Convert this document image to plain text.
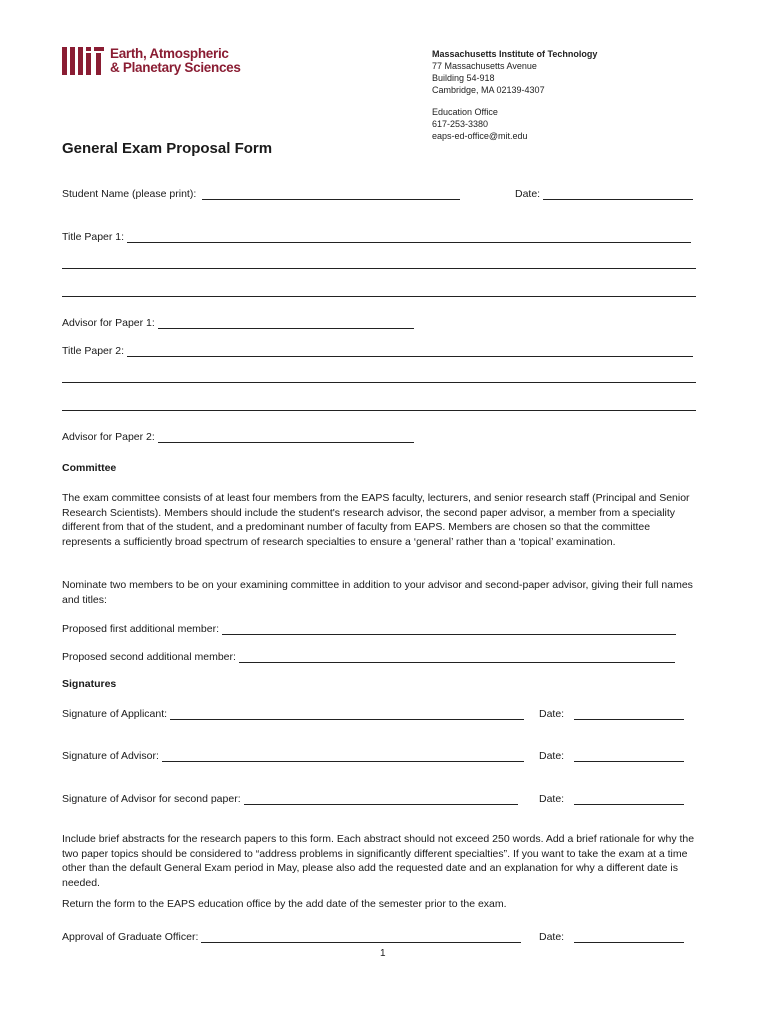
Earth, Atmospheric
& Planetary Sciences
Massachusetts Institute of Technology
77 Massachusetts Avenue
Building 54-918
Cambridge, MA 02139-4307
Education Office
617-253-3380
eaps-ed-office@mit.edu
General Exam Proposal Form
Student Name (please print):	Date:
Title Paper 1:
Advisor for Paper 1:
Title Paper 2:
Advisor for Paper 2:
Committee
The exam committee consists of at least four members from the EAPS faculty, lecturers, and senior research staff (Principal and Senior Research Scientists). Members should include the student's research advisor, the second paper advisor, a member from a speciality different from that of the student, and a predominant number of faculty from EAPS. Members are chosen so that the committee represents a sufficiently broad spectrum of research specialties to ensure a ‘general’ rather than a ‘topical’ examination.
Nominate two members to be on your examining committee in addition to your advisor and second-paper advisor, giving their full names and titles:
Proposed first additional member:
Proposed second additional member:
Signatures
Signature of Applicant:	Date:
Signature of Advisor:	Date:
Signature of Advisor for second paper:	Date:
Include brief abstracts for the research papers to this form. Each abstract should not exceed 250 words. Add a brief rationale for why the two paper topics should be considered to “address problems in significantly different specialties”. If you want to take the exam at a time other than the default General Exam period in May, please also add the requested date and an explanation for why a different date is needed.
Return the form to the EAPS education office by the add date of the semester prior to the exam.
Approval of Graduate Officer:	Date:
1
